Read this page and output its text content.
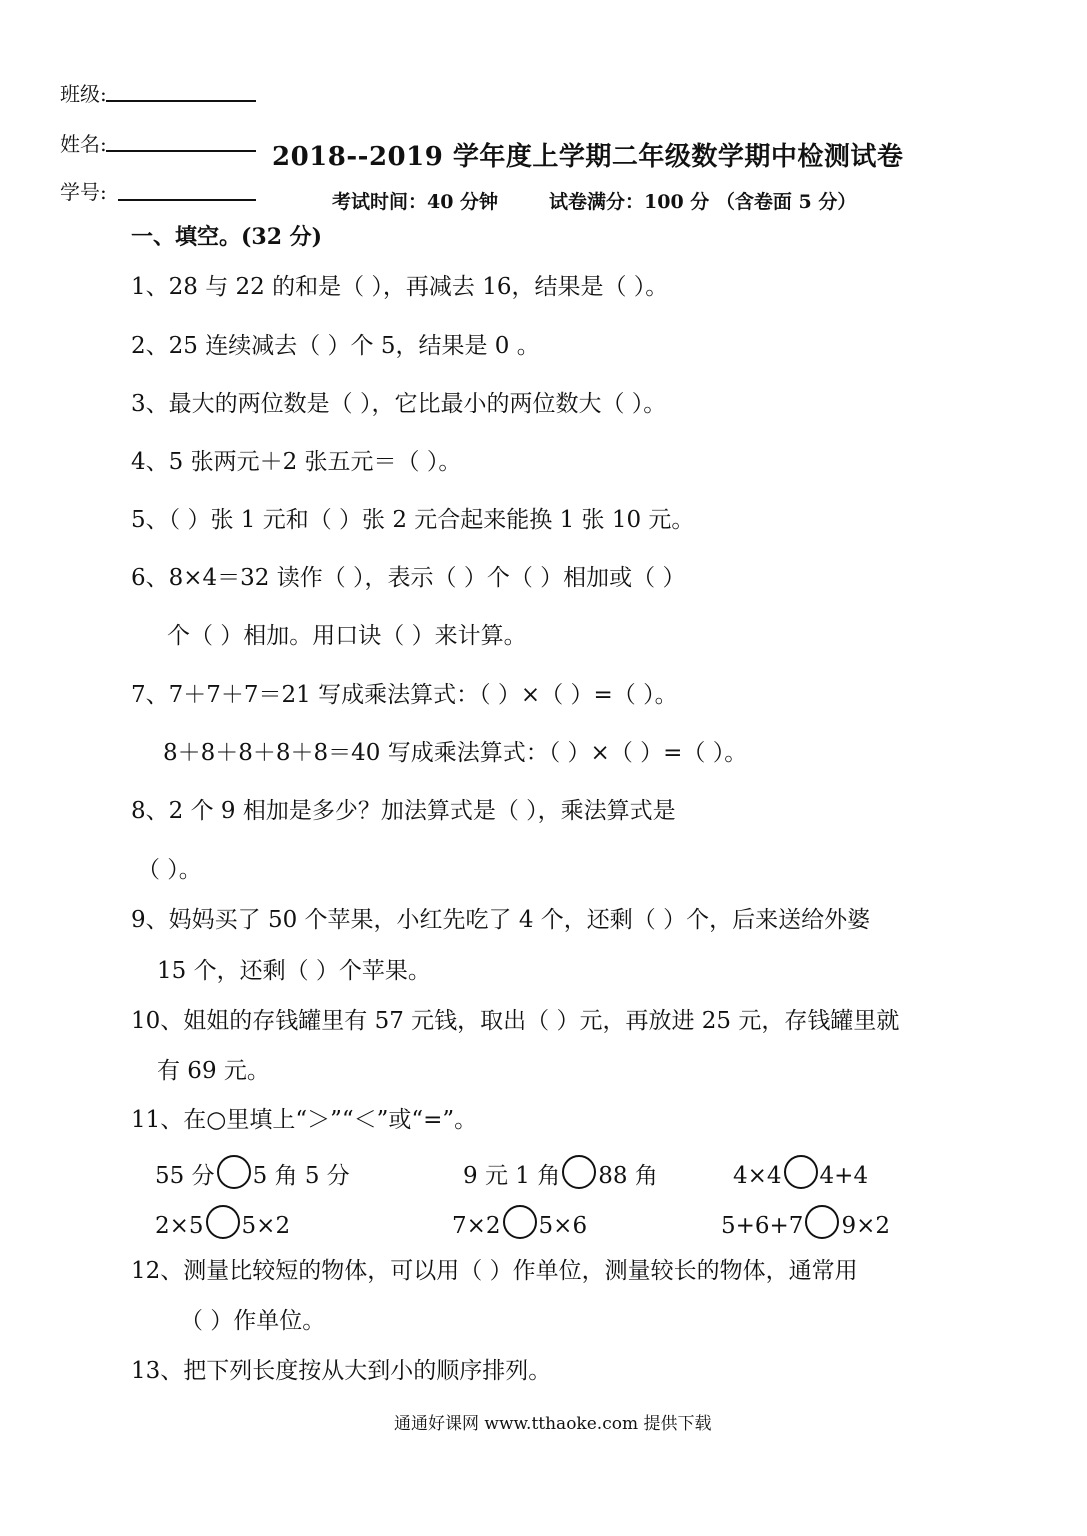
班级:
姓名:
学号:
2018--2019 学年度上学期二年级数学期中检测试卷
考试时间：40 分钟	试卷满分：100 分 （含卷面 5 分）
一、填空。(32 分)
1、28 与 22 的和是（ ），再减去 16，结果是（ ）。
2、25 连续减去（ ）个 5，结果是 0 。
3、最大的两位数是（ ），它比最小的两位数大（ ）。
4、5 张两元＋2 张五元＝（ ）。
5、（ ）张 1 元和（ ）张 2 元合起来能换 1 张 10 元。
6、8×4＝32 读作（ ），表示（ ）个（ ）相加或（ ）
个（ ）相加。用口诀（ ）来计算。
7、7＋7＋7＝21 写成乘法算式：（ ）×（ ）=（ ）。
8＋8＋8＋8＋8＝40 写成乘法算式：（ ）×（ ）=（ ）。
8、2 个 9 相加是多少？加法算式是（ ），乘法算式是
（ ）。
9、妈妈买了 50 个苹果，小红先吃了 4 个，还剩（ ）个，后来送给外婆
15 个，还剩（ ）个苹果。
10、姐姐的存钱罐里有 57 元钱，取出（ ）元，再放进 25 元，存钱罐里就
有 69 元。
11、在○里填上“＞”“＜”或“=”。
55 分 5 角 5 分	9 元 1 角 88 角	4×4 4+4
2×5 5×2	7×2 5×6	5+6+7 9×2
12、测量比较短的物体，可以用（ ）作单位，测量较长的物体，通常用
（ ）作单位。
13、把下列长度按从大到小的顺序排列。
通通好课网 www.tthaoke.com 提供下载
